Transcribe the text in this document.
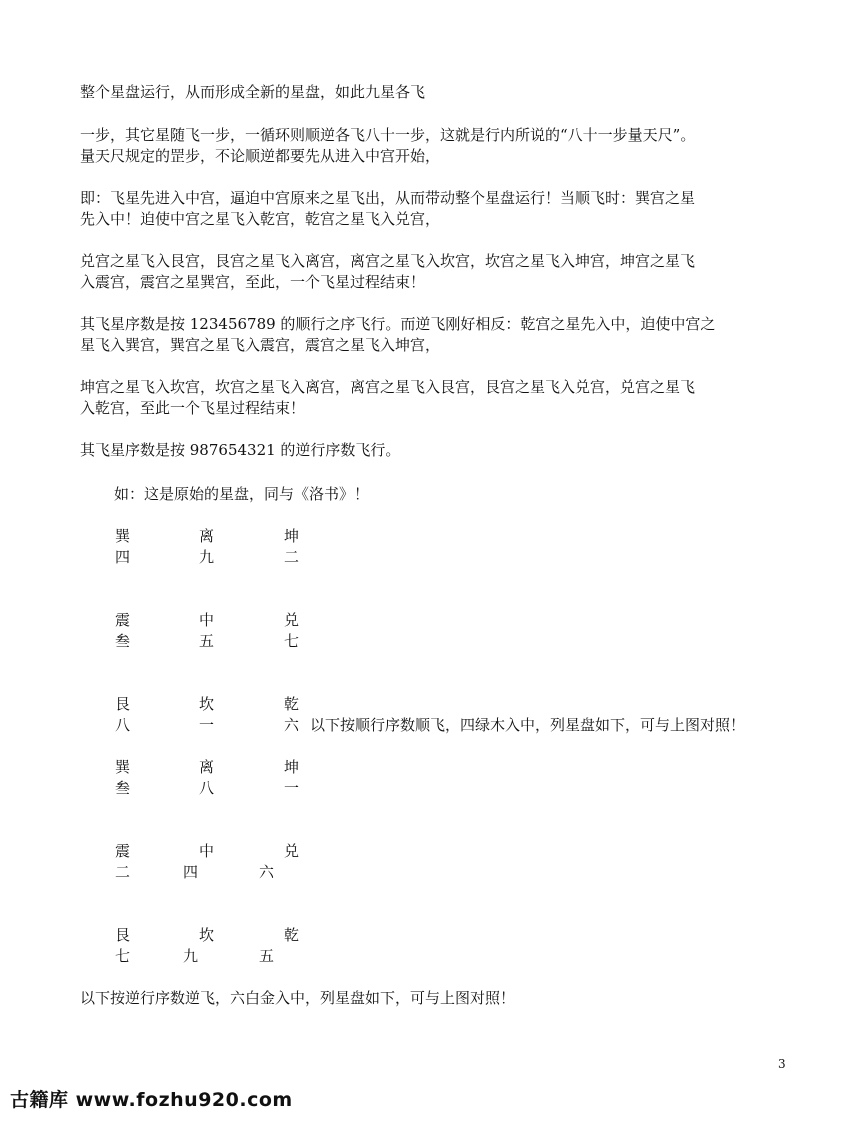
整个星盘运行，从而形成全新的星盘，如此九星各飞
一步，其它星随飞一步，一循环则顺逆各飞八十一步，这就是行内所说的“八十一步量天尺”。
量天尺规定的罡步，不论顺逆都要先从进入中宫开始，
即：飞星先进入中宫，逼迫中宫原来之星飞出，从而带动整个星盘运行！当顺飞时：巽宫之星
先入中！迫使中宫之星飞入乾宫，乾宫之星飞入兑宫，
兑宫之星飞入艮宫，艮宫之星飞入离宫，离宫之星飞入坎宫，坎宫之星飞入坤宫，坤宫之星飞
入震宫，震宫之星巽宫，至此，一个飞星过程结束！
其飞星序数是按 123456789 的顺行之序飞行。而逆飞刚好相反：乾宫之星先入中，迫使中宫之
星飞入巽宫，巽宫之星飞入震宫，震宫之星飞入坤宫，
坤宫之星飞入坎宫，坎宫之星飞入离宫，离宫之星飞入艮宫，艮宫之星飞入兑宫，兑宫之星飞
入乾宫，至此一个飞星过程结束！
其飞星序数是按 987654321 的逆行序数飞行。
如：这是原始的星盘，同与《洛书》！
巽	离	坤
四	九	二
震	中	兑
叁	五	七
艮	坎	乾
八	一	六 以下按顺行序数顺飞，四绿木入中，列星盘如下，可与上图对照！
巽	离	坤
叁	八	一
震	中	兑
二	四	六
艮	坎	乾
七	九	五
以下按逆行序数逆飞，六白金入中，列星盘如下，可与上图对照！
3
古籍库 www.fozhu920.com
